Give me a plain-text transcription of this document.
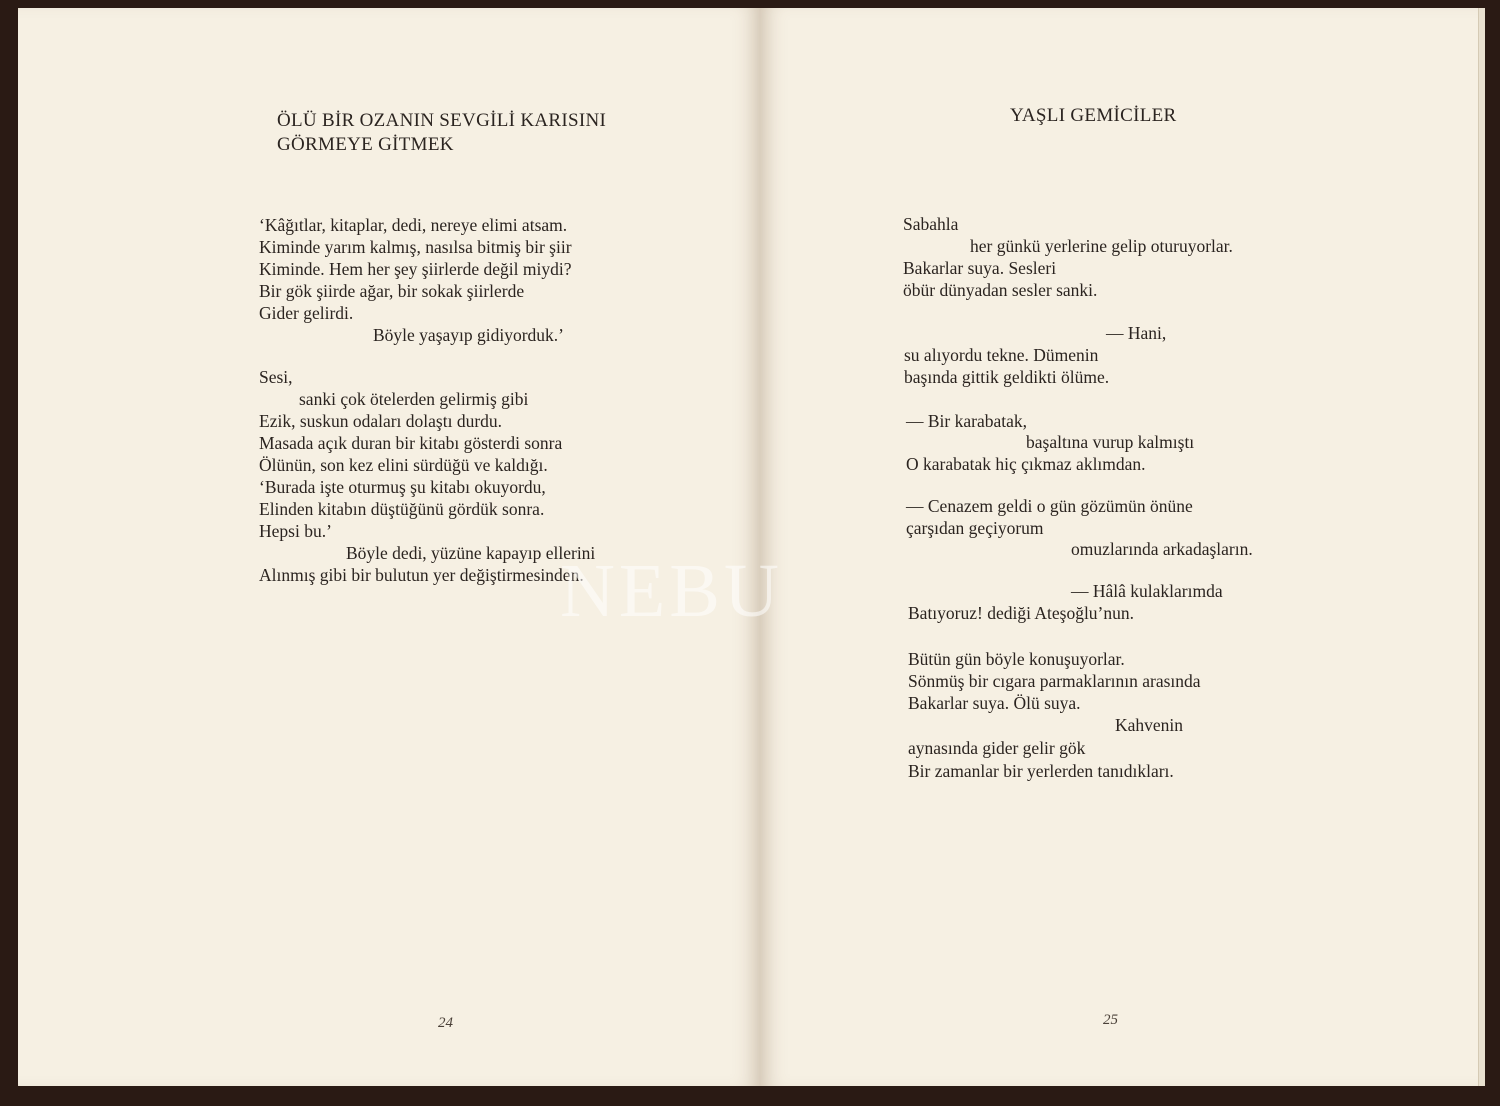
ÖLÜ BİR OZANIN SEVGİLİ KARISINI
GÖRMEYE GİTMEK
‘Kâğıtlar, kitaplar, dedi, nereye elimi atsam.
Kiminde yarım kalmış, nasılsa bitmiş bir şiir
Kiminde. Hem her şey şiirlerde değil miydi?
Bir gök şiirde ağar, bir sokak şiirlerde
Gider gelirdi.
Böyle yaşayıp gidiyorduk.’
Sesi,
sanki çok ötelerden gelirmiş gibi
Ezik, suskun odaları dolaştı durdu.
Masada açık duran bir kitabı gösterdi sonra
Ölünün, son kez elini sürdüğü ve kaldığı.
‘Burada işte oturmuş şu kitabı okuyordu,
Elinden kitabın düştüğünü gördük sonra.
Hepsi bu.’
Böyle dedi, yüzüne kapayıp ellerini
Alınmış gibi bir bulutun yer değiştirmesinden.
24
YAŞLI GEMİCİLER
Sabahla
her günkü yerlerine gelip oturuyorlar.
Bakarlar suya. Sesleri
öbür dünyadan sesler sanki.
— Hani,
su alıyordu tekne. Dümenin
başında gittik geldikti ölüme.
— Bir karabatak,
başaltına vurup kalmıştı
O karabatak hiç çıkmaz aklımdan.
— Cenazem geldi o gün gözümün önüne
çarşıdan geçiyorum
omuzlarında arkadaşların.
— Hâlâ kulaklarımda
Batıyoruz! dediği Ateşoğlu’nun.
Bütün gün böyle konuşuyorlar.
Sönmüş bir cıgara parmaklarının arasında
Bakarlar suya. Ölü suya.
Kahvenin
aynasında gider gelir gök
Bir zamanlar bir yerlerden tanıdıkları.
25
NEBU
